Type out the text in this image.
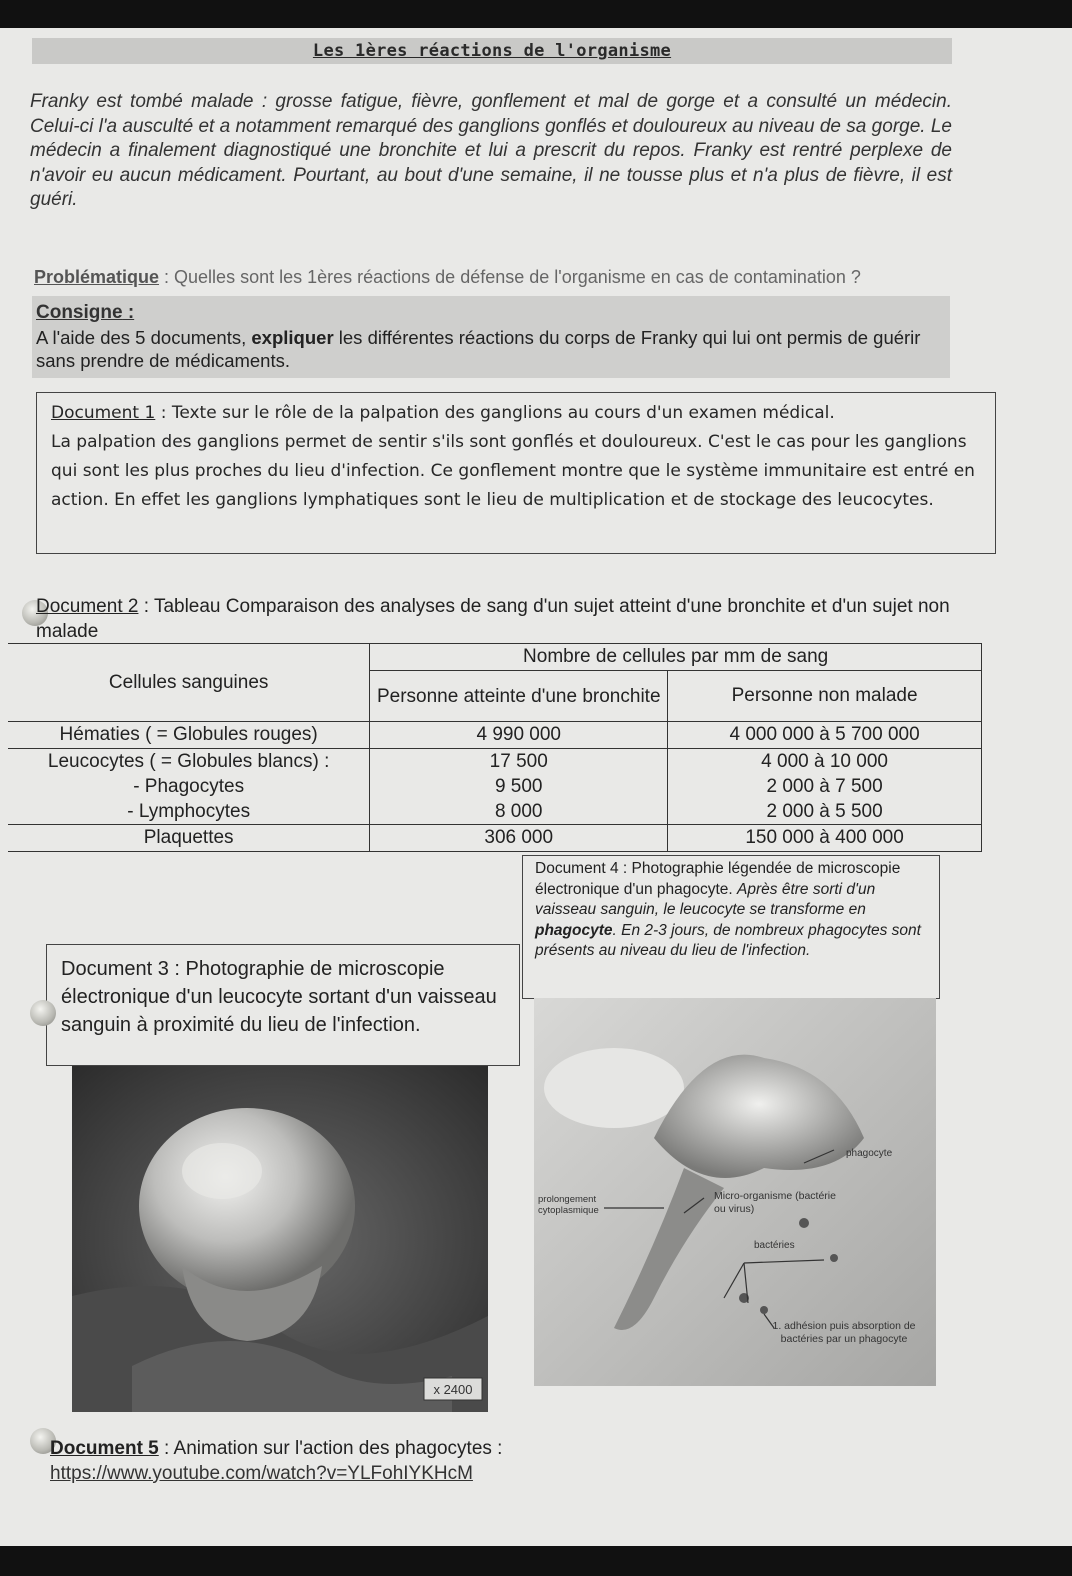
Les 1ères réactions de l'organisme
Franky est tombé malade : grosse fatigue, fièvre, gonflement et mal de gorge et a consulté un médecin. Celui-ci l'a ausculté et a notamment remarqué des ganglions gonflés et douloureux au niveau de sa gorge. Le médecin a finalement diagnostiqué une bronchite et lui a prescrit du repos. Franky est rentré perplexe de n'avoir eu aucun médicament. Pourtant, au bout d'une semaine, il ne tousse plus et n'a plus de fièvre, il est guéri.
Problématique : Quelles sont les 1ères réactions de défense de l'organisme en cas de contamination ?
Consigne :
A l'aide des 5 documents, expliquer les différentes réactions du corps de Franky qui lui ont permis de guérir sans prendre de médicaments.
Document 1 : Texte sur le rôle de la palpation des ganglions au cours d'un examen médical.
La palpation des ganglions permet de sentir s'ils sont gonflés et douloureux. C'est le cas pour les ganglions qui sont les plus proches du lieu d'infection. Ce gonflement montre que le système immunitaire est entré en action. En effet les ganglions lymphatiques sont le lieu de multiplication et de stockage des leucocytes.
Document 2 : Tableau Comparaison des analyses de sang d'un sujet atteint d'une bronchite et d'un sujet non malade
Cellules sanguines	Nombre de cellules par mm de sang	
	Personne atteinte d'une bronchite	Personne non malade
Hématies ( = Globules rouges)	4 990 000	4 000 000 à 5 700 000
Leucocytes ( = Globules blancs) :	17 500	4 000 à 10 000
- Phagocytes	9 500	2 000 à 7 500
- Lymphocytes	8 000	2 000 à 5 500
Plaquettes	306 000	150 000 à 400 000
Document 4 : Photographie légendée de microscopie électronique d'un phagocyte. Après être sorti d'un vaisseau sanguin, le leucocyte se transforme en phagocyte. En 2-3 jours, de nombreux phagocytes sont présents au niveau du lieu de l'infection.
Document 3 : Photographie de microscopie électronique d'un leucocyte sortant d'un vaisseau sanguin à proximité du lieu de l'infection.
x 2400
phagocyte
prolongement cytoplasmique
Micro-organisme (bactérie ou virus)
bactéries
1. adhésion puis absorption de bactéries par un phagocyte
Document 5 : Animation sur l'action des phagocytes :
https://www.youtube.com/watch?v=YLFohIYKHcM
